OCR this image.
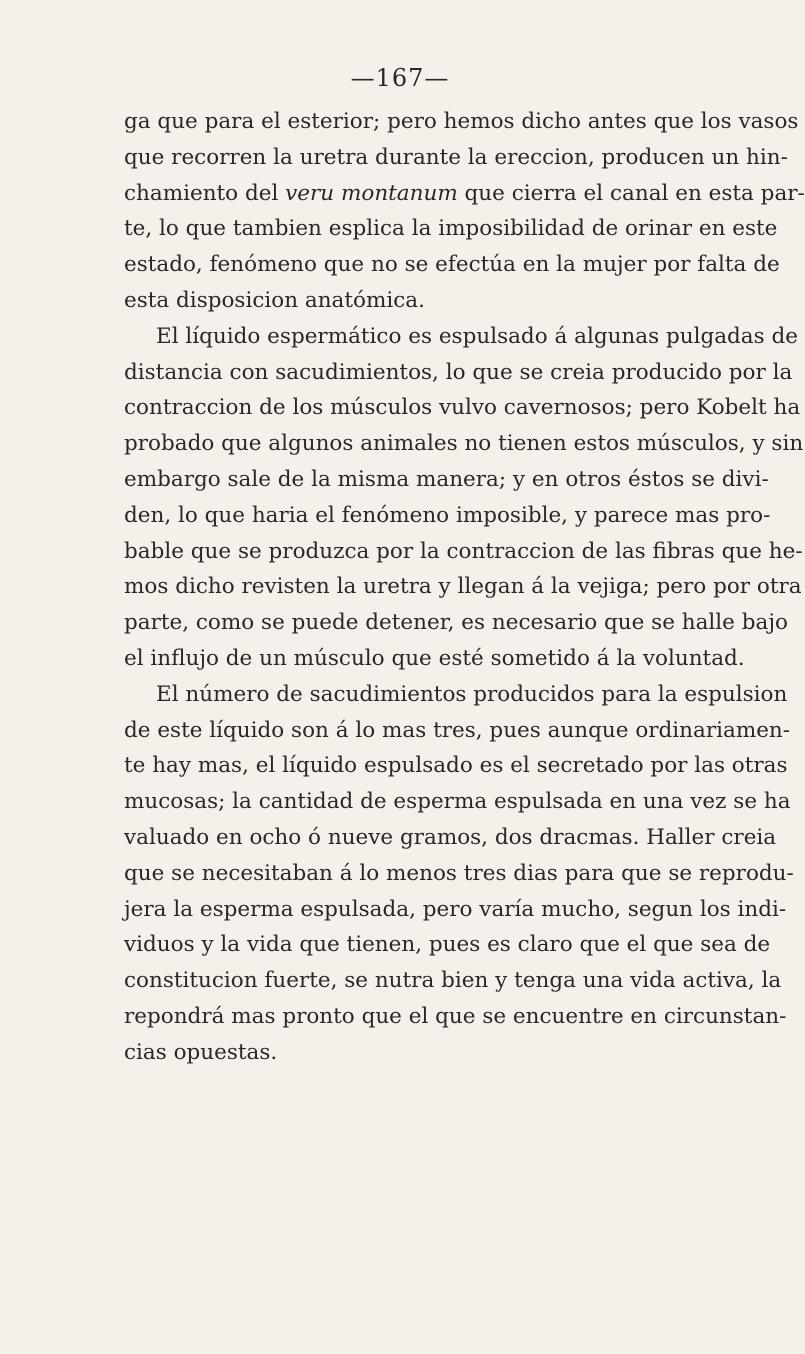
—167—
ga que para el esterior; pero hemos dicho antes que los vasos
que recorren la uretra durante la ereccion, producen un hin-
chamiento del veru montanum que cierra el canal en esta par-
te, lo que tambien esplica la imposibilidad de orinar en este
estado, fenómeno que no se efectúa en la mujer por falta de
esta disposicion anatómica.
El líquido espermático es espulsado á algunas pulgadas de
distancia con sacudimientos, lo que se creia producido por la
contraccion de los músculos vulvo cavernosos; pero Kobelt ha
probado que algunos animales no tienen estos músculos, y sin
embargo sale de la misma manera; y en otros éstos se divi-
den, lo que haria el fenómeno imposible, y parece mas pro-
bable que se produzca por la contraccion de las fibras que he-
mos dicho revisten la uretra y llegan á la vejiga; pero por otra
parte, como se puede detener, es necesario que se halle bajo
el influjo de un músculo que esté sometido á la voluntad.
El número de sacudimientos producidos para la espulsion
de este líquido son á lo mas tres, pues aunque ordinariamen-
te hay mas, el líquido espulsado es el secretado por las otras
mucosas; la cantidad de esperma espulsada en una vez se ha
valuado en ocho ó nueve gramos, dos dracmas. Haller creia
que se necesitaban á lo menos tres dias para que se reprodu-
jera la esperma espulsada, pero varía mucho, segun los indi-
viduos y la vida que tienen, pues es claro que el que sea de
constitucion fuerte, se nutra bien y tenga una vida activa, la
repondrá mas pronto que el que se encuentre en circunstan-
cias opuestas.
